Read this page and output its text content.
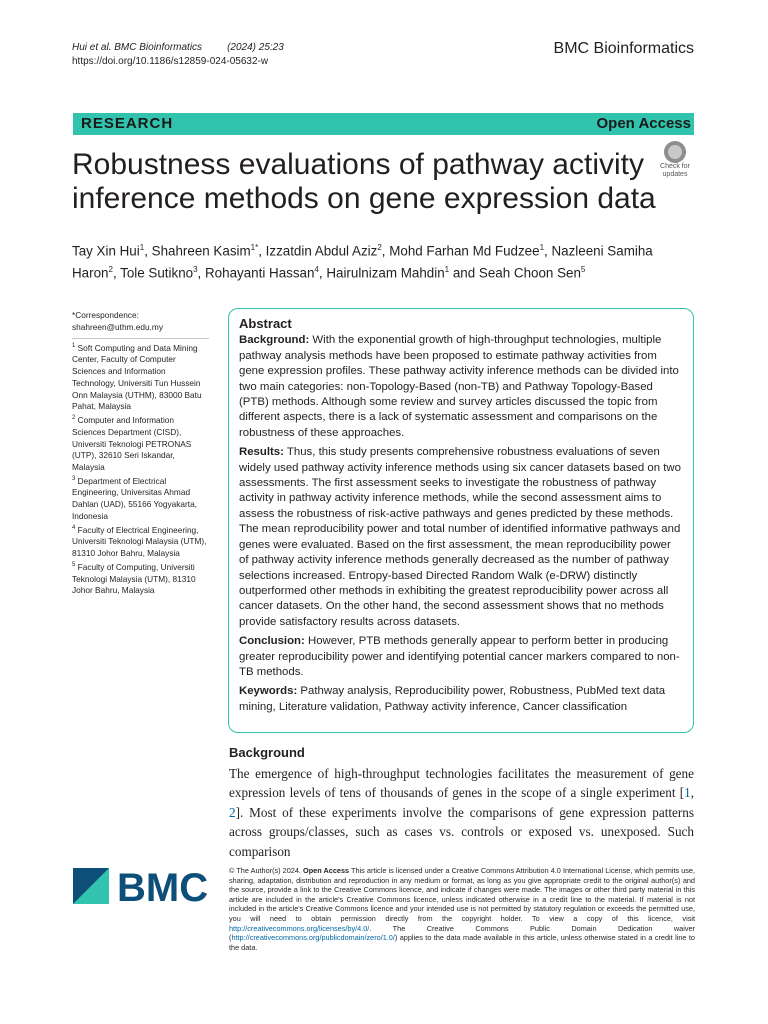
Hui et al. BMC Bioinformatics	(2024) 25:23
https://doi.org/10.1186/s12859-024-05632-w
BMC Bioinformatics
RESEARCH	Open Access
Robustness evaluations of pathway activity inference methods on gene expression data
Check for
updates
Tay Xin Hui$^1$, Shahreen Kasim$^{1*}$, Izzatdin Abdul Aziz$^2$, Mohd Farhan Md Fudzee$^1$, Nazleeni Samiha Haron$^2$, Tole Sutikno$^3$, Rohayanti Hassan$^4$, Hairulnizam Mahdin$^1$ and Seah Choon Sen$^5$
*Correspondence:
shahreen@uthm.edu.my
$^1$ Soft Computing and Data Mining Center, Faculty of Computer Sciences and Information Technology, Universiti Tun Hussein Onn Malaysia (UTHM), 83000 Batu Pahat, Malaysia
$^2$ Computer and Information Sciences Department (CISD), Universiti Teknologi PETRONAS (UTP), 32610 Seri Iskandar, Malaysia
$^3$ Department of Electrical Engineering, Universitas Ahmad Dahlan (UAD), 55166 Yogyakarta, Indonesia
$^4$ Faculty of Electrical Engineering, Universiti Teknologi Malaysia (UTM), 81310 Johor Bahru, Malaysia
$^5$ Faculty of Computing, Universiti Teknologi Malaysia (UTM), 81310 Johor Bahru, Malaysia
Abstract

Background: With the exponential growth of high-throughput technologies, multiple pathway analysis methods have been proposed to estimate pathway activities from gene expression profiles. These pathway activity inference methods can be divided into two main categories: non-Topology-Based (non-TB) and Pathway Topology-Based (PTB) methods. Although some review and survey articles discussed the topic from different aspects, there is a lack of systematic assessment and comparisons on the robustness of these approaches.

Results: Thus, this study presents comprehensive robustness evaluations of seven widely used pathway activity inference methods using six cancer datasets based on two assessments. The first assessment seeks to investigate the robustness of pathway activity in pathway activity inference methods, while the second assessment aims to assess the robustness of risk-active pathways and genes predicted by these methods. The mean reproducibility power and total number of identified informative pathways and genes were evaluated. Based on the first assessment, the mean reproducibility power of pathway activity inference methods generally decreased as the number of pathway selections increased. Entropy-based Directed Random Walk (e-DRW) distinctly outperformed other methods in exhibiting the greatest reproducibility power across all cancer datasets. On the other hand, the second assessment shows that no methods provide satisfactory results across datasets.

Conclusion: However, PTB methods generally appear to perform better in producing greater reproducibility power and identifying potential cancer markers compared to non-TB methods.

Keywords: Pathway analysis, Reproducibility power, Robustness, PubMed text data mining, Literature validation, Pathway activity inference, Cancer classification

Background
The emergence of high-throughput technologies facilitates the measurement of gene expression levels of tens of thousands of genes in the scope of a single experiment [1, 2]. Most of these experiments involve the comparisons of gene expression patterns across groups/classes, such as cases vs. controls or exposed vs. unexposed. Such comparison
BMC	© The Author(s) 2024. Open Access This article is licensed under a Creative Commons Attribution 4.0 International License, which permits use, sharing, adaptation, distribution and reproduction in any medium or format, as long as you give appropriate credit to the original author(s) and the source, provide a link to the Creative Commons licence, and indicate if changes were made. The images or other third party material in this article are included in the article's Creative Commons licence, unless indicated otherwise in a credit line to the material. If material is not included in the article's Creative Commons licence and your intended use is not permitted by statutory regulation or exceeds the permitted use, you will need to obtain permission directly from the copyright holder. To view a copy of this licence, visit http://creativecommons.org/licenses/by/4.0/. The Creative Commons Public Domain Dedication waiver (http://creativecommons.org/publicdomain/zero/1.0/) applies to the data made available in this article, unless otherwise stated in a credit line to the data.
